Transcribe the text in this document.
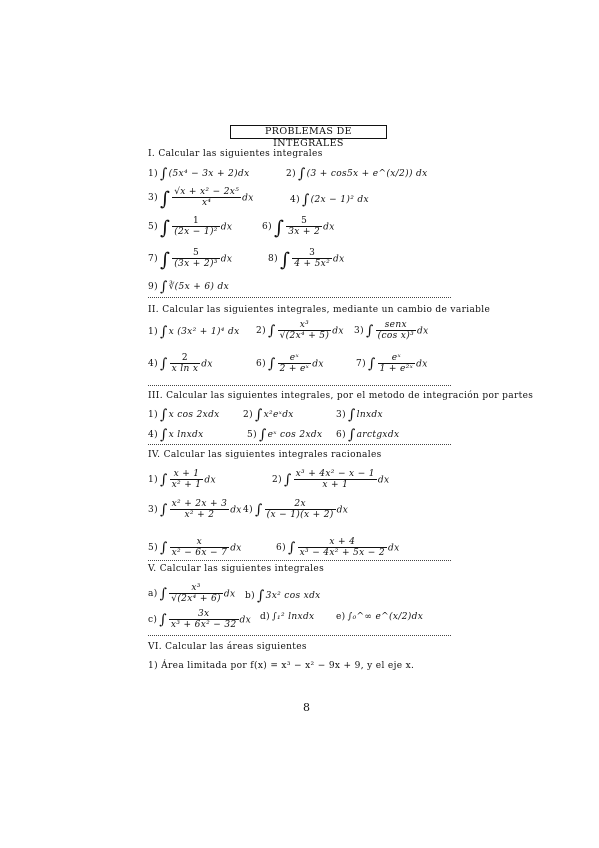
PROBLEMAS DE INTEGRALES
I. Calcular las siguientes integrales
1) ∫(5x⁴ − 3x + 2)dx	2) ∫(3 + cos5x + e^(x/2)) dx
3) ∫ $\frac{\text{√x + x² − 2x⁵}}{\text{x⁴}}$ dx	4) ∫(2x − 1)² dx
5) ∫ $\frac{1}{\text{(2x − 1)²}}$ dx	6) ∫ $\frac{5}{3x + 2}$ dx
7) ∫ $\frac{5}{\text{(3x + 2)³}}$ dx	8) ∫ $\frac{3}{\text{4 + 5x²}}$ dx
9) ∫∛(5x + 6) dx
II. Calcular las siguientes integrales, mediante un cambio de variable
1) ∫x (3x² + 1)⁴ dx 2) ∫ $\frac{\text{x³}}{\text{√(2x⁴ + 5)}}$ dx 3) ∫ $\frac{\text{senx}}{\text{(cos x)³}}$ dx
4) ∫ $\frac{2}{\text{x ln x}}$ dx	6) ∫ $\frac{\text{eˣ}}{\text{2 + eˣ}}$ dx	7) ∫ $\frac{\text{eˣ}}{\text{1 + e²ˣ}}$ dx
III. Calcular las siguientes integrales, por el metodo de integración por partes
1) ∫x cos 2xdx	2) ∫x²eˣdx	3) ∫lnxdx
4) ∫x lnxdx	5) ∫eˣ cos 2xdx 6) ∫arctgxdx
IV. Calcular las siguientes integrales racionales
1) ∫ $\frac{x + 1}{\text{x² + 1}}$ dx	2) ∫ $\frac{\text{x³ + 4x² − x − 1}}{x + 1}$ dx
3) ∫ $\frac{\text{x² + 2x + 3}}{\text{x² + 2}}$ dx 4) ∫ $\frac{2x}{(x - 1)(x + 2)}$ dx
5) ∫ $\frac{x}{\text{x² − 6x − 7}}$ dx	6) ∫ $\frac{x + 4}{\text{x³ − 4x² + 5x − 2}}$ dx
V. Calcular las siguientes integrales
a) ∫ $\frac{\text{x³}}{\text{√(2x⁴ + 6)}}$ dx b) ∫3x² cos xdx
c) ∫ $\frac{3x}{\text{x³ + 6x² − 32}}$ dx d) ∫₁² lnxdx e) ∫₀^∞ e^(x/2)dx
VI. Calcular las áreas siguientes
1) Área limitada por f(x) = x³ − x² − 9x + 9, y el eje x.
8
